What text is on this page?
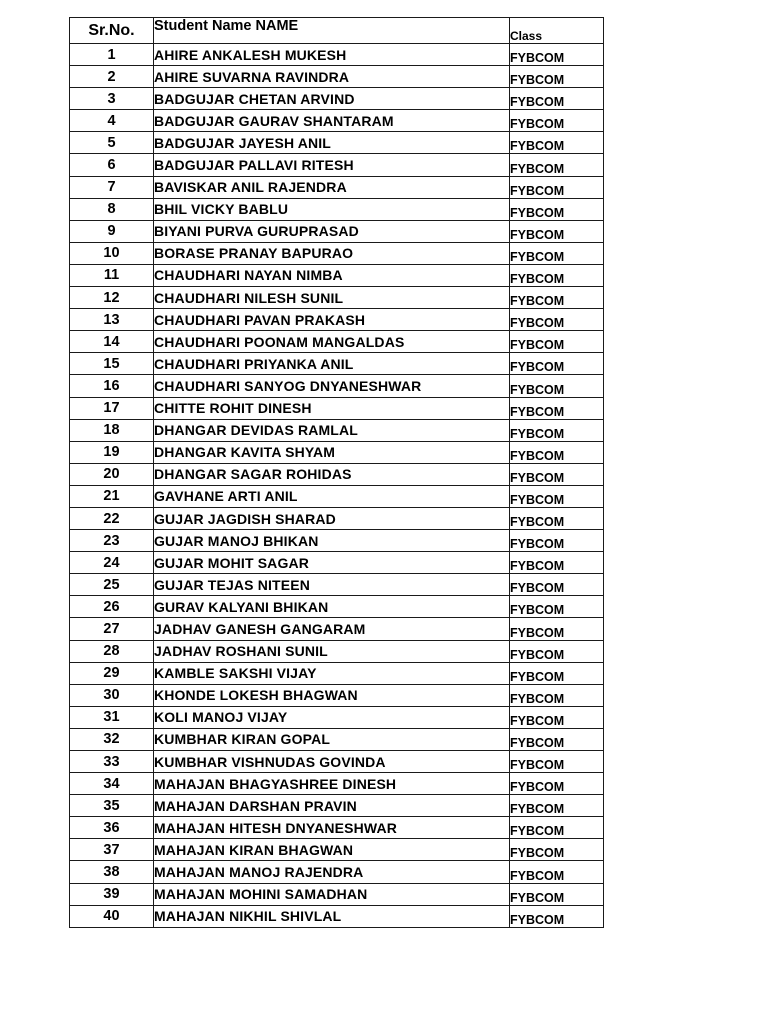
Sr.No.	Student Name NAME	Class
1	AHIRE ANKALESH MUKESH	FYBCOM
2	AHIRE SUVARNA RAVINDRA	FYBCOM
3	BADGUJAR CHETAN ARVIND	FYBCOM
4	BADGUJAR GAURAV SHANTARAM	FYBCOM
5	BADGUJAR JAYESH ANIL	FYBCOM
6	BADGUJAR PALLAVI RITESH	FYBCOM
7	BAVISKAR ANIL RAJENDRA	FYBCOM
8	BHIL VICKY BABLU	FYBCOM
9	BIYANI PURVA GURUPRASAD	FYBCOM
10	BORASE PRANAY BAPURAO	FYBCOM
11	CHAUDHARI NAYAN NIMBA	FYBCOM
12	CHAUDHARI NILESH SUNIL	FYBCOM
13	CHAUDHARI PAVAN PRAKASH	FYBCOM
14	CHAUDHARI POONAM MANGALDAS	FYBCOM
15	CHAUDHARI PRIYANKA ANIL	FYBCOM
16	CHAUDHARI SANYOG DNYANESHWAR	FYBCOM
17	CHITTE ROHIT DINESH	FYBCOM
18	DHANGAR DEVIDAS RAMLAL	FYBCOM
19	DHANGAR KAVITA SHYAM	FYBCOM
20	DHANGAR SAGAR ROHIDAS	FYBCOM
21	GAVHANE ARTI ANIL	FYBCOM
22	GUJAR JAGDISH SHARAD	FYBCOM
23	GUJAR MANOJ BHIKAN	FYBCOM
24	GUJAR MOHIT SAGAR	FYBCOM
25	GUJAR TEJAS NITEEN	FYBCOM
26	GURAV KALYANI BHIKAN	FYBCOM
27	JADHAV GANESH GANGARAM	FYBCOM
28	JADHAV ROSHANI SUNIL	FYBCOM
29	KAMBLE SAKSHI VIJAY	FYBCOM
30	KHONDE LOKESH BHAGWAN	FYBCOM
31	KOLI MANOJ VIJAY	FYBCOM
32	KUMBHAR KIRAN GOPAL	FYBCOM
33	KUMBHAR VISHNUDAS GOVINDA	FYBCOM
34	MAHAJAN BHAGYASHREE DINESH	FYBCOM
35	MAHAJAN DARSHAN PRAVIN	FYBCOM
36	MAHAJAN HITESH DNYANESHWAR	FYBCOM
37	MAHAJAN KIRAN BHAGWAN	FYBCOM
38	MAHAJAN MANOJ RAJENDRA	FYBCOM
39	MAHAJAN MOHINI SAMADHAN	FYBCOM
40	MAHAJAN NIKHIL SHIVLAL	FYBCOM
